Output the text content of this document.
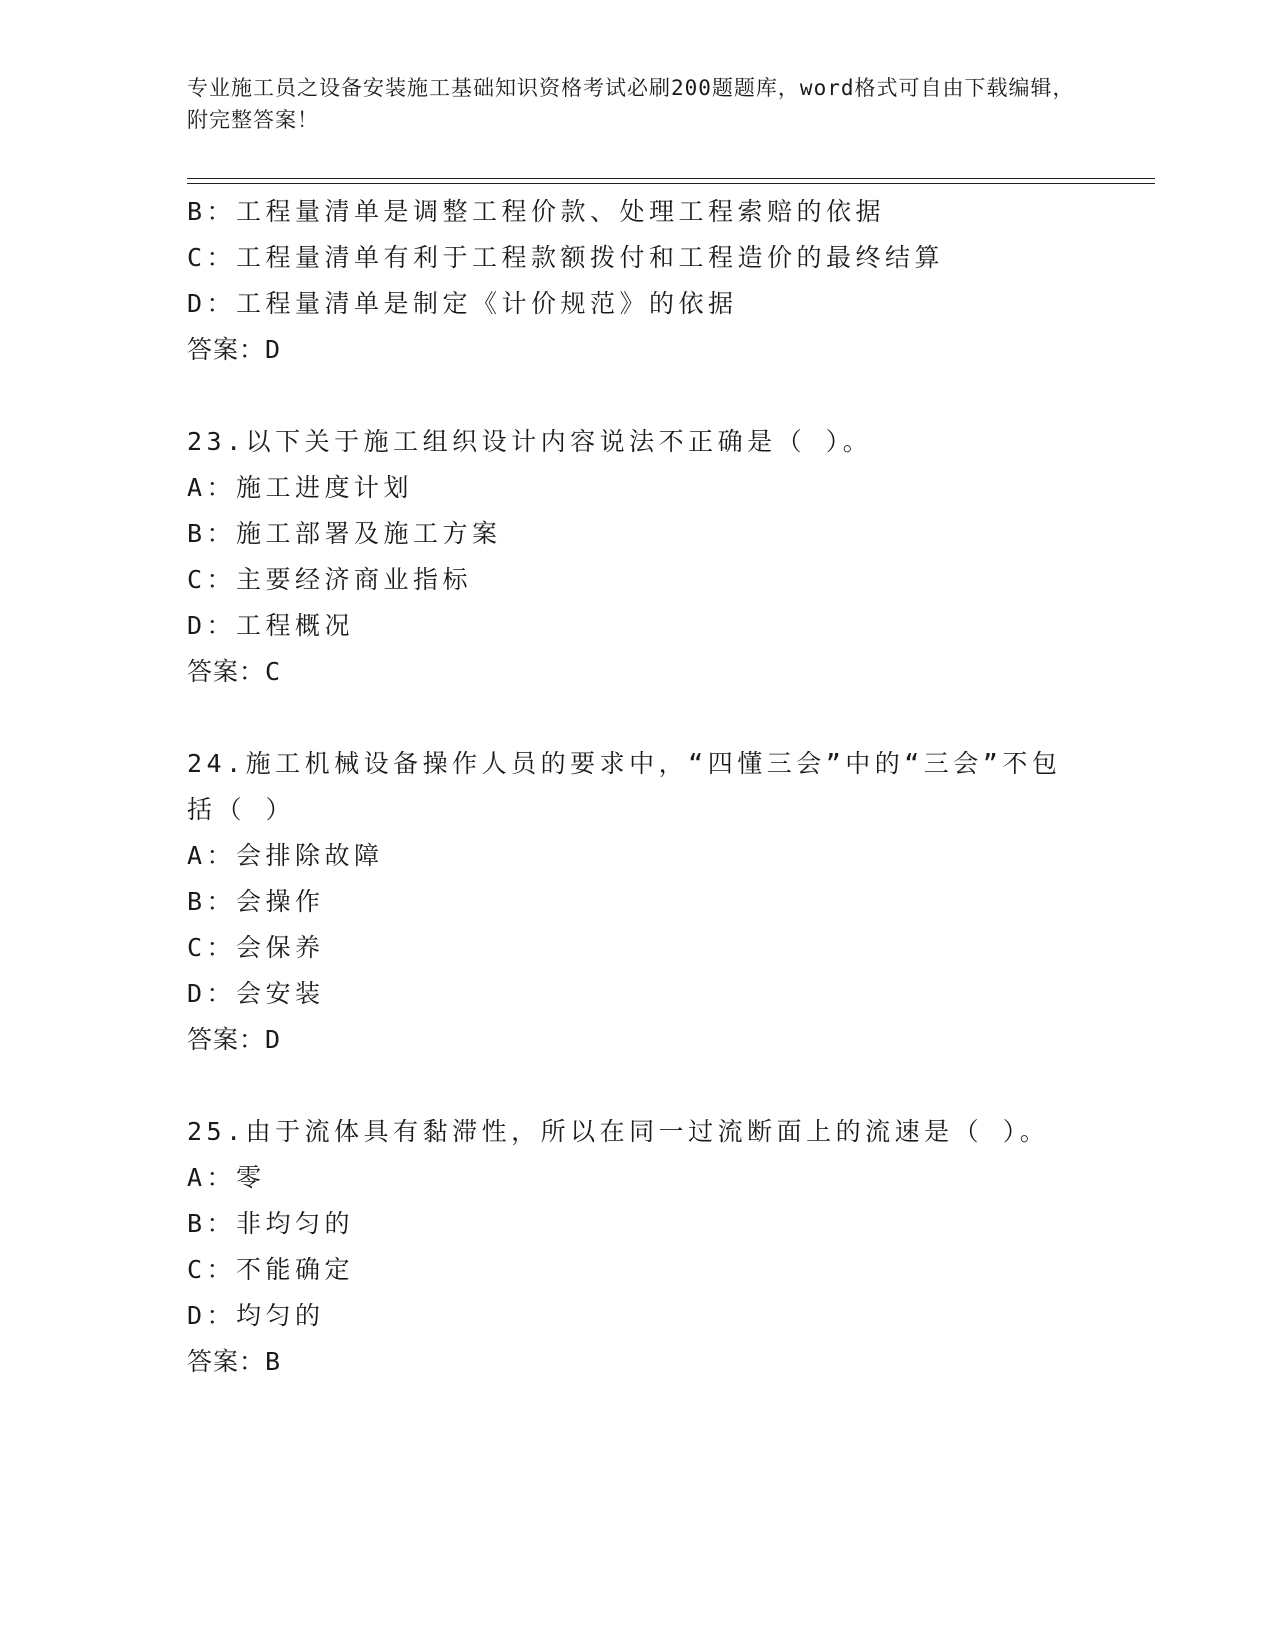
专业施工员之设备安装施工基础知识资格考试必刷200题题库，word格式可自由下载编辑，附完整答案！
B：工程量清单是调整工程价款、处理工程索赔的依据
C：工程量清单有利于工程款额拨付和工程造价的最终结算
D：工程量清单是制定《计价规范》的依据
答案：D
23.以下关于施工组织设计内容说法不正确是（ ）。
A：施工进度计划
B：施工部署及施工方案
C：主要经济商业指标
D：工程概况
答案：C
24.施工机械设备操作人员的要求中，“四懂三会”中的“三会”不包括（ ）
A：会排除故障
B：会操作
C：会保养
D：会安装
答案：D
25.由于流体具有黏滞性，所以在同一过流断面上的流速是（ ）。
A：零
B：非均匀的
C：不能确定
D：均匀的
答案：B
